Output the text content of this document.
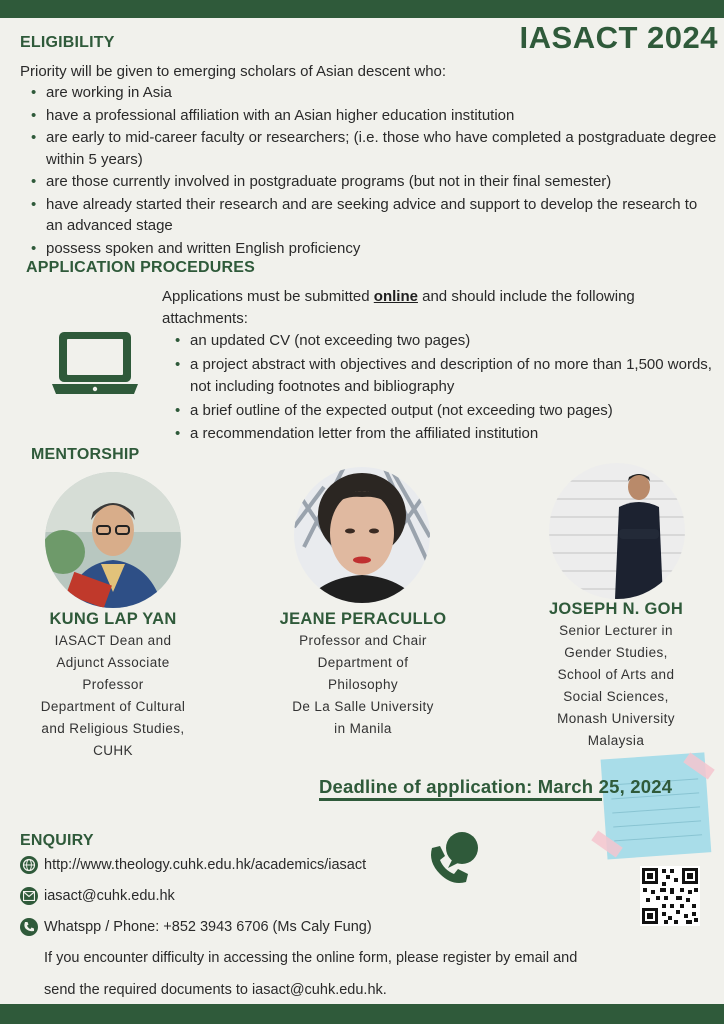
IASACT 2024
ELIGIBILITY
Priority will be given to emerging scholars of Asian descent who:
• are working in Asia
• have a professional affiliation with an Asian higher education institution
• are early to mid-career faculty or researchers; (i.e. those who have completed a postgraduate degree within 5 years)
• are those currently involved in postgraduate programs (but not in their final semester)
• have already started their research and are seeking advice and support to develop the research to an advanced stage
• possess spoken and written English proficiency
APPLICATION PROCEDURES
Applications must be submitted online and should include the following attachments:
• an updated CV (not exceeding two pages)
• a project abstract with objectives and description of no more than 1,500 words, not including footnotes and bibliography
• a brief outline of the expected output (not exceeding two pages)
• a recommendation letter from the affiliated institution
MENTORSHIP
KUNG LAP YAN
IASACT Dean and
Adjunct Associate
Professor
Department of Cultural
and Religious Studies,
CUHK
JEANE PERACULLO
Professor and Chair
Department of
Philosophy
De La Salle University
in Manila
JOSEPH N. GOH
Senior Lecturer in
Gender Studies,
School of Arts and
Social Sciences,
Monash University
Malaysia
Deadline of application: March 25, 2024
ENQUIRY
http://www.theology.cuhk.edu.hk/academics/iasact
iasact@cuhk.edu.hk
Whatspp / Phone: +852 3943 6706 (Ms Caly Fung)
If you encounter difficulty in accessing the online form, please register by email and
send the required documents to iasact@cuhk.edu.hk.
